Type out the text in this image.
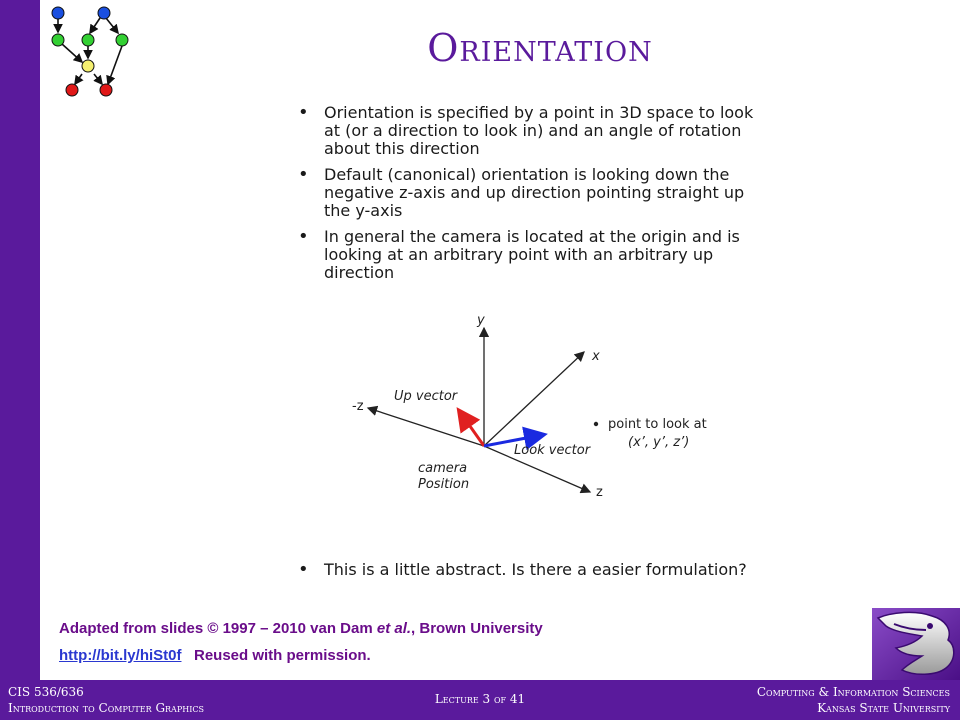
Orientation
• Orientation is specified by a point in 3D space to look at (or a direction to look in) and an angle of rotation about this direction
• Default (canonical) orientation is looking down the negative z-axis and up direction pointing straight up the y-axis
• In general the camera is located at the origin and is looking at an arbitrary point with an arbitrary up direction
y
x
-z
z
Up vector
Look vector
camera
Position
point to look at
(x’, y’, z’)
• This is a little abstract. Is there a easier formulation?
Adapted from slides © 1997 – 2010 van Dam et al., Brown University
http://bit.ly/hiSt0f Reused with permission.
CIS 536/636
Introduction to Computer Graphics
Lecture 3 of 41	Computing & Information Sciences
Kansas State University
